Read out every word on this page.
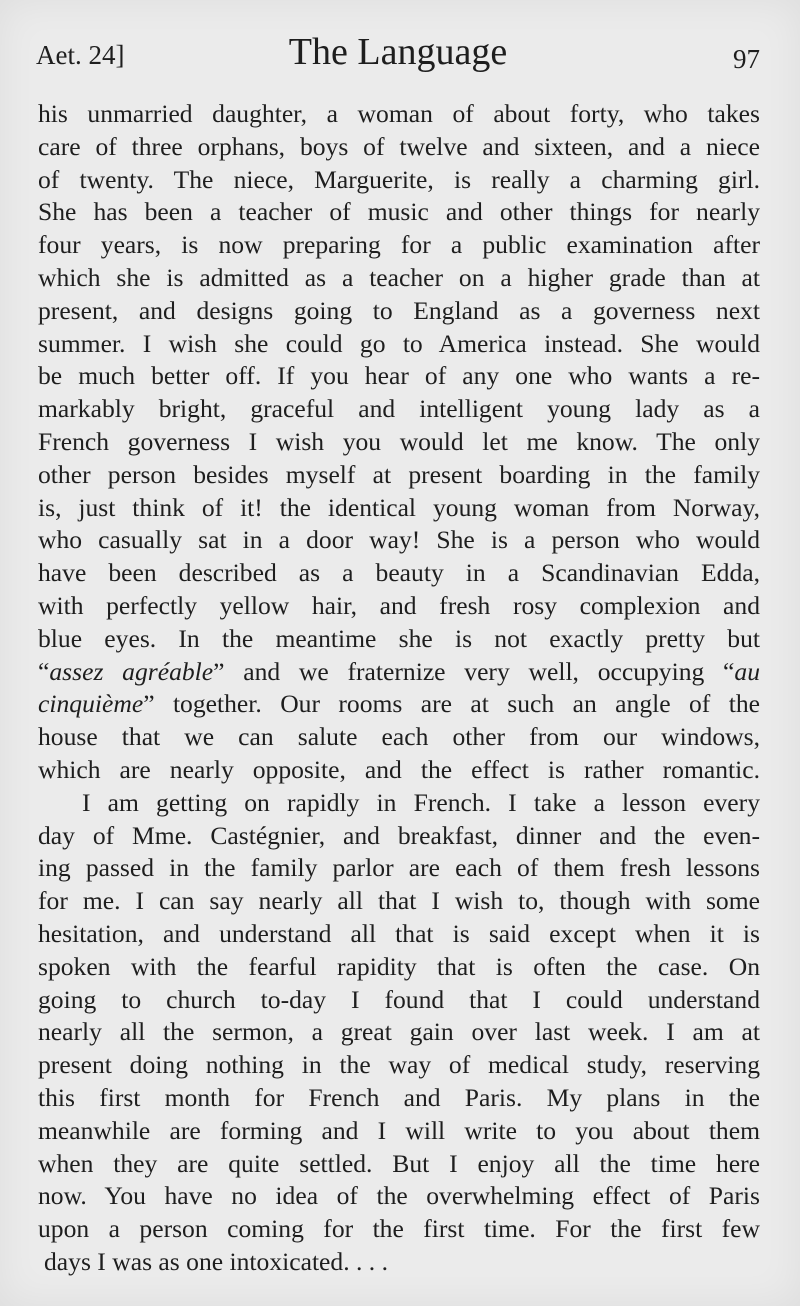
Aet. 24]	The Language	97
his unmarried daughter, a woman of about forty, who takes
care of three orphans, boys of twelve and sixteen, and a niece
of twenty. The niece, Marguerite, is really a charming girl.
She has been a teacher of music and other things for nearly
four years, is now preparing for a public examination after
which she is admitted as a teacher on a higher grade than at
present, and designs going to England as a governess next
summer. I wish she could go to America instead. She would
be much better off. If you hear of any one who wants a re-
markably bright, graceful and intelligent young lady as a
French governess I wish you would let me know. The only
other person besides myself at present boarding in the family
is, just think of it! the identical young woman from Norway,
who casually sat in a door way! She is a person who would
have been described as a beauty in a Scandinavian Edda,
with perfectly yellow hair, and fresh rosy complexion and
blue eyes. In the meantime she is not exactly pretty but
“assez agréable” and we fraternize very well, occupying “au
cinquième” together. Our rooms are at such an angle of the
house that we can salute each other from our windows,
which are nearly opposite, and the effect is rather romantic.
I am getting on rapidly in French. I take a lesson every
day of Mme. Castégnier, and breakfast, dinner and the even-
ing passed in the family parlor are each of them fresh lessons
for me. I can say nearly all that I wish to, though with some
hesitation, and understand all that is said except when it is
spoken with the fearful rapidity that is often the case. On
going to church to-day I found that I could understand
nearly all the sermon, a great gain over last week. I am at
present doing nothing in the way of medical study, reserving
this first month for French and Paris. My plans in the
meanwhile are forming and I will write to you about them
when they are quite settled. But I enjoy all the time here
now. You have no idea of the overwhelming effect of Paris
upon a person coming for the first time. For the first few
days I was as one intoxicated. . . .
